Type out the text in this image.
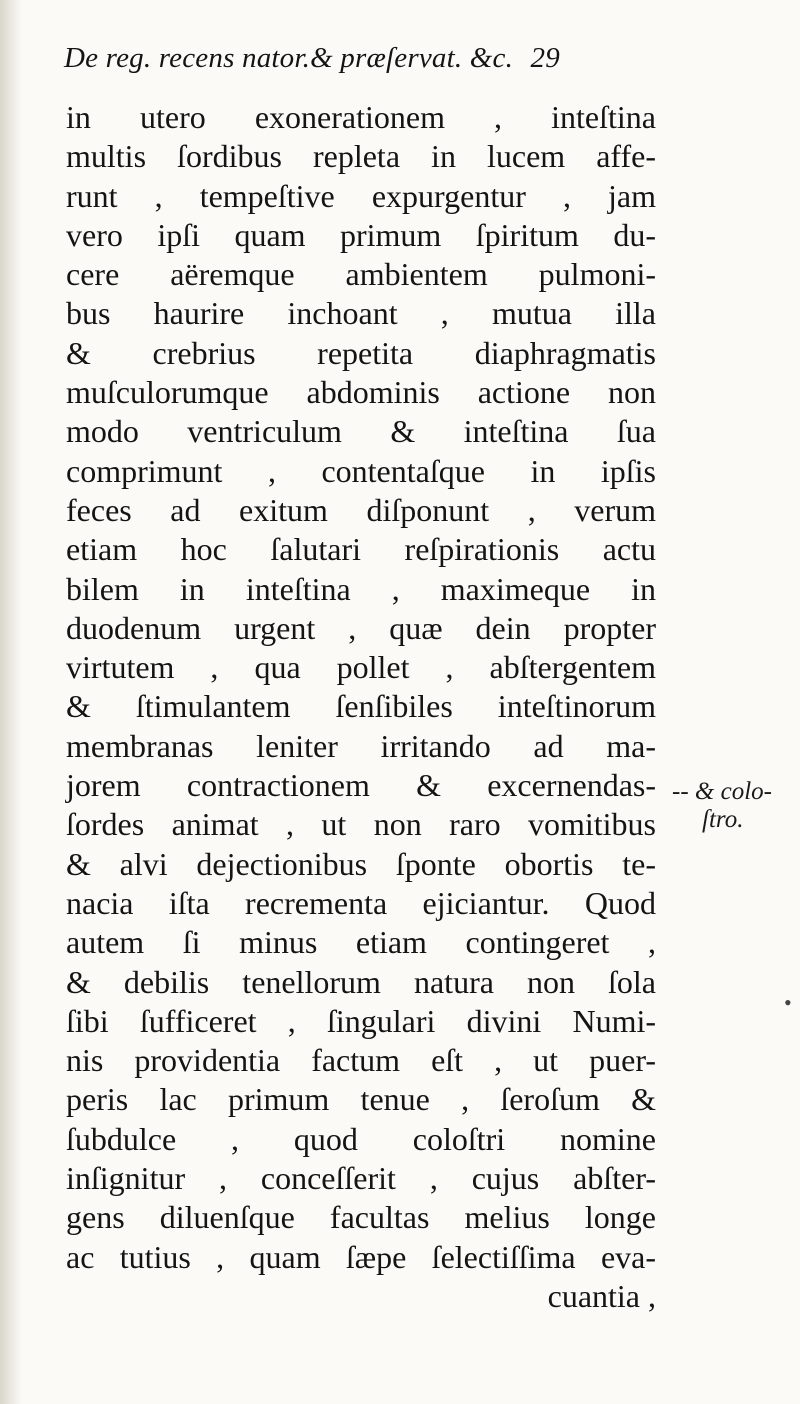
De reg. recens nator.& præſervat. &c. 29
in utero exonerationem , inteſtina
multis ſordibus repleta in lucem affe-
runt , tempeſtive expurgentur , jam
vero ipſi quam primum ſpiritum du-
cere aëremque ambientem pulmoni-
bus haurire inchoant , mutua illa
& crebrius repetita diaphragmatis
muſculorumque abdominis actione non
modo ventriculum & inteſtina ſua
comprimunt , contentaſque in ipſis
feces ad exitum diſponunt , verum
etiam hoc ſalutari reſpirationis actu
bilem in inteſtina , maximeque in
duodenum urgent , quæ dein propter
virtutem , qua pollet , abſtergentem
& ſtimulantem ſenſibiles inteſtinorum
membranas leniter irritando ad ma-
jorem contractionem & excernendas-
ſordes animat , ut non raro vomitibus
& alvi dejectionibus ſponte obortis te-
nacia iſta recrementa ejiciantur. Quod
autem ſi minus etiam contingeret ,
& debilis tenellorum natura non ſola
ſibi ſufficeret , ſingulari divini Numi-
nis providentia factum eſt , ut puer-
peris lac primum tenue , ſeroſum &
ſubdulce , quod coloſtri nomine
inſignitur , conceſſerit , cujus abſter-
gens diluenſque facultas melius longe
ac tutius , quam ſæpe ſelectiſſima eva-
cuantia ,
-- & colo-
ſtro.
•
